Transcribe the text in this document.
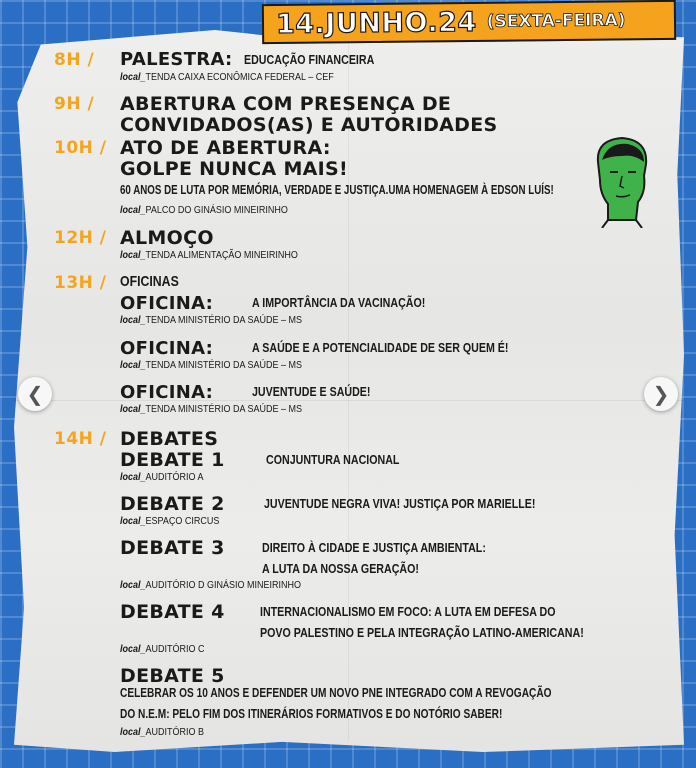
14.JUNHO.24 (SEXTA-FEIRA)
8H / PALESTRA: EDUCAÇÃO FINANCEIRA
local_TENDA CAIXA ECONÔMICA FEDERAL – CEF
9H / ABERTURA COM PRESENÇA DE
CONVIDADOS(AS) E AUTORIDADES
10H / ATO DE ABERTURA:
GOLPE NUNCA MAIS!
60 ANOS DE LUTA POR MEMÓRIA, VERDADE E JUSTIÇA.UMA HOMENAGEM À EDSON LUÍS!
local_PALCO DO GINÁSIO MINEIRINHO
12H / ALMOÇO
local_TENDA ALIMENTAÇÃO MINEIRINHO
13H / OFICINAS
OFICINA:	A IMPORTÂNCIA DA VACINAÇÃO!
local_TENDA MINISTÉRIO DA SAÚDE – MS
OFICINA:	A SAÚDE E A POTENCIALIDADE DE SER QUEM É!
local_TENDA MINISTÉRIO DA SAÚDE – MS
OFICINA:	JUVENTUDE E SAÚDE!
local_TENDA MINISTÉRIO DA SAÚDE – MS
14H / DEBATES
DEBATE 1	CONJUNTURA NACIONAL
local_AUDITÓRIO A
DEBATE 2	JUVENTUDE NEGRA VIVA! JUSTIÇA POR MARIELLE!
local_ESPAÇO CIRCUS
DEBATE 3	DIREITO À CIDADE E JUSTIÇA AMBIENTAL:
A LUTA DA NOSSA GERAÇÃO!
local_AUDITÓRIO D GINÁSIO MINEIRINHO
DEBATE 4	INTERNACIONALISMO EM FOCO: A LUTA EM DEFESA DO
POVO PALESTINO E PELA INTEGRAÇÃO LATINO-AMERICANA!
local_AUDITÓRIO C
DEBATE 5
CELEBRAR OS 10 ANOS E DEFENDER UM NOVO PNE INTEGRADO COM A REVOGAÇÃO
DO N.E.M: PELO FIM DOS ITINERÁRIOS FORMATIVOS E DO NOTÓRIO SABER!
local_AUDITÓRIO B
❮	❯
